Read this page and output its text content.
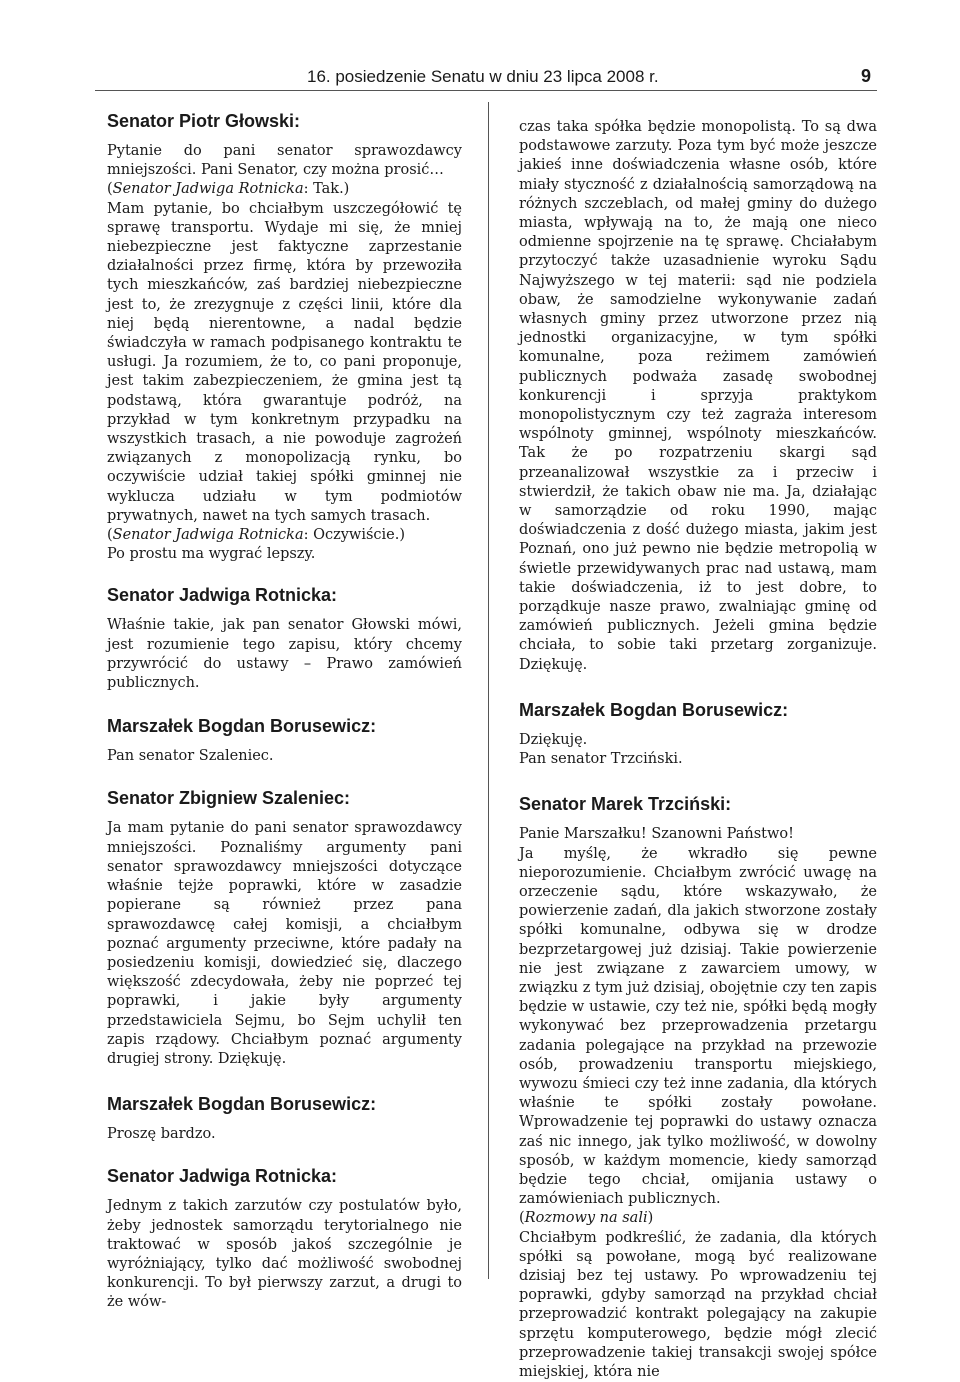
16. posiedzenie Senatu w dniu 23 lipca 2008 r.	9
Senator Piotr Głowski:

Pytanie do pani senator sprawozdawcy mniejszości. Pani Senator, czy można prosić…

(Senator Jadwiga Rotnicka: Tak.)

Mam pytanie, bo chciałbym uszczegółowić tę sprawę transportu. Wydaje mi się, że mniej niebezpieczne jest faktyczne zaprzestanie działalności przez firmę, która by przewoziła tych mieszkańców, zaś bardziej niebezpieczne jest to, że zrezygnuje z części linii, które dla niej będą nierentowne, a nadal będzie świadczyła w ramach podpisanego kontraktu te usługi. Ja rozumiem, że to, co pani proponuje, jest takim zabezpieczeniem, że gmina jest tą podstawą, która gwarantuje podróż, na przykład w tym konkretnym przypadku na wszystkich trasach, a nie powoduje zagrożeń związanych z monopolizacją rynku, bo oczywiście udział takiej spółki gminnej nie wyklucza udziału w tym podmiotów prywatnych, nawet na tych samych trasach.

(Senator Jadwiga Rotnicka: Oczywiście.)

Po prostu ma wygrać lepszy.

Senator Jadwiga Rotnicka:

Właśnie takie, jak pan senator Głowski mówi, jest rozumienie tego zapisu, który chcemy przywrócić do ustawy – Prawo zamówień publicznych.

Marszałek Bogdan Borusewicz:

Pan senator Szaleniec.

Senator Zbigniew Szaleniec:

Ja mam pytanie do pani senator sprawozdawcy mniejszości. Poznaliśmy argumenty pani senator sprawozdawcy mniejszości dotyczące właśnie tejże poprawki, które w zasadzie popierane są również przez pana sprawozdawcę całej komisji, a chciałbym poznać argumenty przeciwne, które padały na posiedzeniu komisji, dowiedzieć się, dlaczego większość zdecydowała, żeby nie poprzeć tej poprawki, i jakie były argumenty przedstawiciela Sejmu, bo Sejm uchylił ten zapis rządowy. Chciałbym poznać argumenty drugiej strony. Dziękuję.

Marszałek Bogdan Borusewicz:

Proszę bardzo.

Senator Jadwiga Rotnicka:

Jednym z takich zarzutów czy postulatów było, żeby jednostek samorządu terytorialnego nie traktować w sposób jakoś szczególnie je wyróżniający, tylko dać możliwość swobodnej konkurencji. To był pierwszy zarzut, a drugi to że wów-

czas taka spółka będzie monopolistą. To są dwa podstawowe zarzuty. Poza tym być może jeszcze jakieś inne doświadczenia własne osób, które miały styczność z działalnością samorządową na różnych szczeblach, od małej gminy do dużego miasta, wpływają na to, że mają one nieco odmienne spojrzenie na tę sprawę. Chciałabym przytoczyć także uzasadnienie wyroku Sądu Najwyższego w tej materii: sąd nie podziela obaw, że samodzielne wykonywanie zadań własnych gminy przez utworzone przez nią jednostki organizacyjne, w tym spółki komunalne, poza reżimem zamówień publicznych podważa zasadę swobodnej konkurencji i sprzyja praktykom monopolistycznym czy też zagraża interesom wspólnoty gminnej, wspólnoty mieszkańców. Tak że po rozpatrzeniu skargi sąd przeanalizował wszystkie za i przeciw i stwierdził, że takich obaw nie ma. Ja, działając w samorządzie od roku 1990, mając doświadczenia z dość dużego miasta, jakim jest Poznań, ono już pewno nie będzie metropolią w świetle przewidywanych prac nad ustawą, mam takie doświadczenia, iż to jest dobre, to porządkuje nasze prawo, zwalniając gminę od zamówień publicznych. Jeżeli gmina będzie chciała, to sobie taki przetarg zorganizuje. Dziękuję.

Marszałek Bogdan Borusewicz:

Dziękuję.

Pan senator Trzciński.

Senator Marek Trzciński:

Panie Marszałku! Szanowni Państwo!

Ja myślę, że wkradło się pewne nieporozumienie. Chciałbym zwrócić uwagę na orzeczenie sądu, które wskazywało, że powierzenie zadań, dla jakich stworzone zostały spółki komunalne, odbywa się w drodze bezprzetargowej już dzisiaj. Takie powierzenie nie jest związane z zawarciem umowy, w związku z tym już dzisiaj, obojętnie czy ten zapis będzie w ustawie, czy też nie, spółki będą mogły wykonywać bez przeprowadzenia przetargu zadania polegające na przykład na przewozie osób, prowadzeniu transportu miejskiego, wywozu śmieci czy też inne zadania, dla których właśnie te spółki zostały powołane. Wprowadzenie tej poprawki do ustawy oznacza zaś nic innego, jak tylko możliwość, w dowolny sposób, w każdym momencie, kiedy samorząd będzie tego chciał, omijania ustawy o zamówieniach publicznych.

(Rozmowy na sali)

Chciałbym podkreślić, że zadania, dla których spółki są powołane, mogą być realizowane dzisiaj bez tej ustawy. Po wprowadzeniu tej poprawki, gdyby samorząd na przykład chciał przeprowadzić kontrakt polegający na zakupie sprzętu komputerowego, będzie mógł zlecić przeprowadzenie takiej transakcji swojej spółce miejskiej, która nie
